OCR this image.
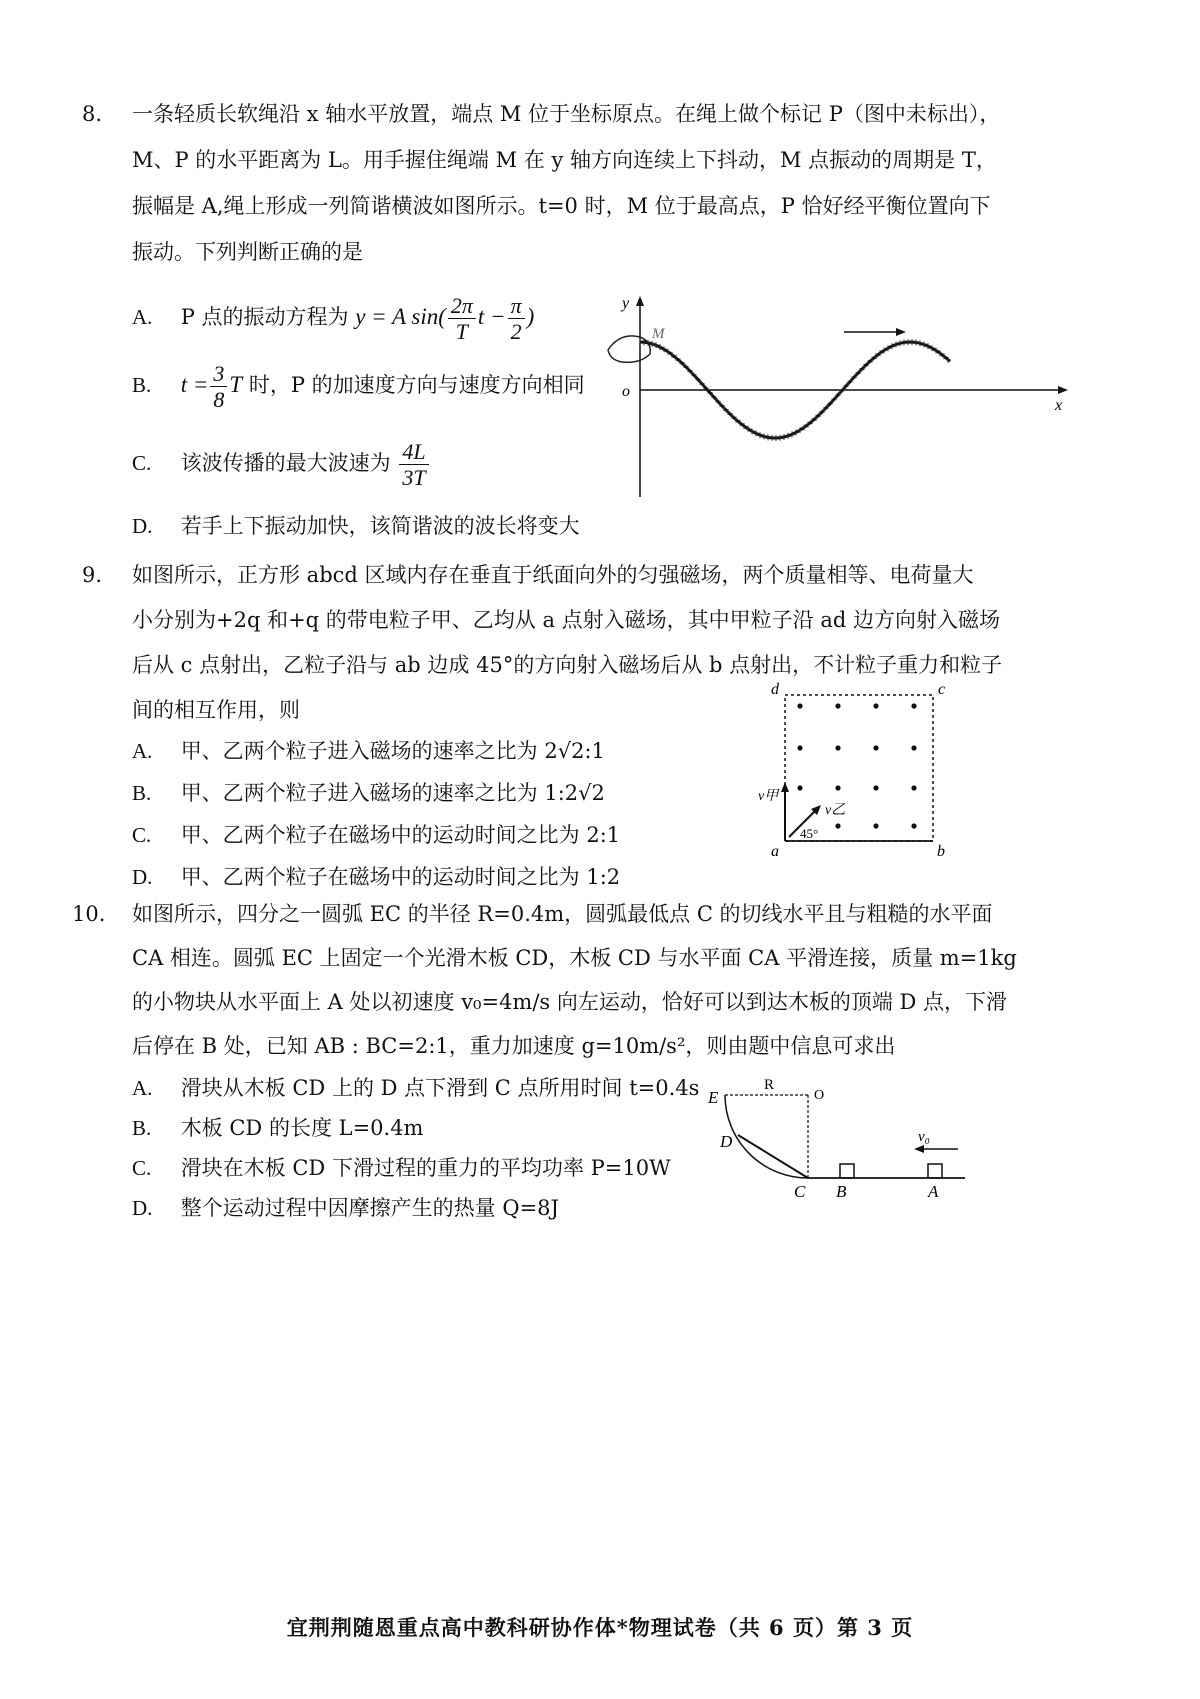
8.	一条轻质长软绳沿 x 轴水平放置，端点 M 位于坐标原点。在绳上做个标记 P（图中未标出），
M、P 的水平距离为 L。用手握住绳端 M 在 y 轴方向连续上下抖动，M 点振动的周期是 T，
振幅是 A,绳上形成一列简谐横波如图所示。t=0 时，M 位于最高点，P 恰好经平衡位置向下
振动。下列判断正确的是
A. P 点的振动方程为 y = A $\sin( \frac{2\pi}{T}$ $t - \frac{\pi}{2}$ )
B. $t = \frac{3}{8}$ T 时，P 的加速度方向与速度方向相同
C. 该波传播的最大波速为 $\frac{4L}{3T}$
D. 若手上下振动加快，该简谐波的波长将变大
y
x
o
M
9.	如图所示，正方形 abcd 区域内存在垂直于纸面向外的匀强磁场，两个质量相等、电荷量大
小分别为+2q 和+q 的带电粒子甲、乙均从 a 点射入磁场，其中甲粒子沿 ad 边方向射入磁场
后从 c 点射出，乙粒子沿与 ab 边成 45°的方向射入磁场后从 b 点射出，不计粒子重力和粒子
间的相互作用，则
A. 甲、乙两个粒子进入磁场的速率之比为 2√2:1
B. 甲、乙两个粒子进入磁场的速率之比为 1:2√2
C. 甲、乙两个粒子在磁场中的运动时间之比为 2:1
D. 甲、乙两个粒子在磁场中的运动时间之比为 1:2
d	c
a	b
v甲
v乙
45°
10.	如图所示，四分之一圆弧 EC 的半径 R=0.4m，圆弧最低点 C 的切线水平且与粗糙的水平面
CA 相连。圆弧 EC 上固定一个光滑木板 CD，木板 CD 与水平面 CA 平滑连接，质量 m=1kg
的小物块从水平面上 A 处以初速度 v₀=4m/s 向左运动，恰好可以到达木板的顶端 D 点，下滑
后停在 B 处，已知 AB : BC=2:1，重力加速度 g=10m/s²，则由题中信息可求出
A. 滑块从木板 CD 上的 D 点下滑到 C 点所用时间 t=0.4s
B. 木板 CD 的长度 L=0.4m
C. 滑块在木板 CD 下滑过程的重力的平均功率 P=10W
D. 整个运动过程中因摩擦产生的热量 Q=8J
R
O
E
D
C B	A
v₀
宜荆荆随恩重点高中教科研协作体*物理试卷（共 6 页）第 3 页
